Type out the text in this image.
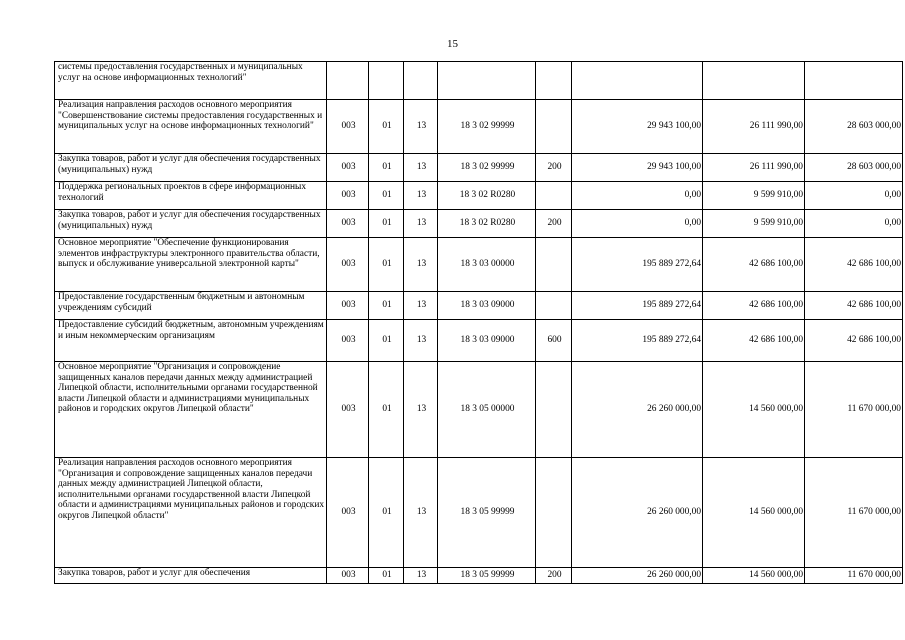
15
системы предоставления государственных и муниципальных услуг на основе информационных технологий"								
Реализация направления расходов основного мероприятия "Совершенствование системы предоставления государственных и муниципальных услуг на основе информационных технологий"	003	01	13	18 3 02 99999		29 943 100,00	26 111 990,00	28 603 000,00
Закупка товаров, работ и услуг для обеспечения государственных (муниципальных) нужд	003	01	13	18 3 02 99999	200	29 943 100,00	26 111 990,00	28 603 000,00
Поддержка региональных проектов в сфере информационных технологий	003	01	13	18 3 02 R0280		0,00	9 599 910,00	0,00
Закупка товаров, работ и услуг для обеспечения государственных (муниципальных) нужд	003	01	13	18 3 02 R0280	200	0,00	9 599 910,00	0,00
Основное мероприятие "Обеспечение функционирования элементов инфраструктуры электронного правительства области, выпуск и обслуживание универсальной электронной карты"	003	01	13	18 3 03 00000		195 889 272,64	42 686 100,00	42 686 100,00
Предоставление государственным бюджетным и автономным учреждениям субсидий	003	01	13	18 3 03 09000		195 889 272,64	42 686 100,00	42 686 100,00
Предоставление субсидий бюджетным, автономным учреждениям и иным некоммерческим организациям	003	01	13	18 3 03 09000	600	195 889 272,64	42 686 100,00	42 686 100,00
Основное мероприятие "Организация и сопровождение защищенных каналов передачи данных между администрацией Липецкой области, исполнительными органами государственной власти Липецкой области и администрациями муниципальных районов и городских округов Липецкой области"	003	01	13	18 3 05 00000		26 260 000,00	14 560 000,00	11 670 000,00
Реализация направления расходов основного мероприятия "Организация и сопровождение защищенных каналов передачи данных между администрацией Липецкой области, исполнительными органами государственной власти Липецкой области и администрациями муниципальных районов и городских округов Липецкой области"	003	01	13	18 3 05 99999		26 260 000,00	14 560 000,00	11 670 000,00
Закупка товаров, работ и услуг для обеспечения	003	01	13	18 3 05 99999	200	26 260 000,00	14 560 000,00	11 670 000,00
